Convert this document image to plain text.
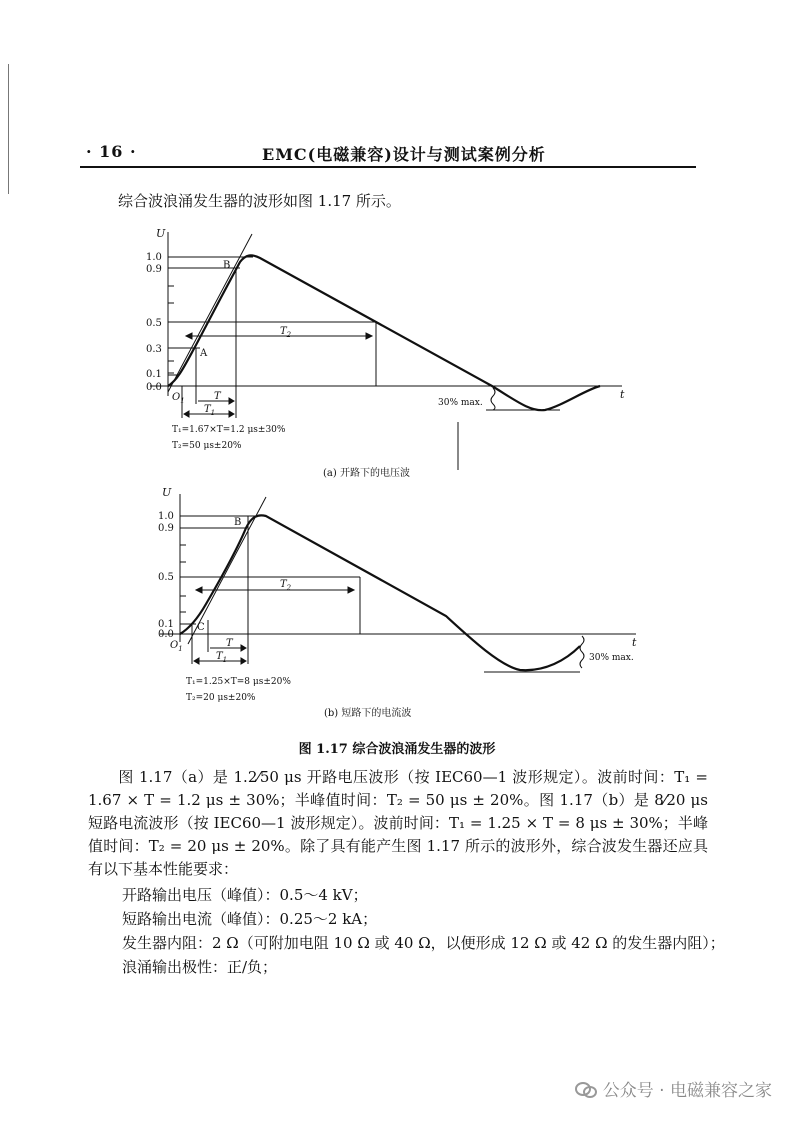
· 16 ·	EMC(电磁兼容)设计与测试案例分析
综合波浪涌发生器的波形如图 1.17 所示。
U
t
1.0
0.9
0.5
0.3
0.1
0.0
A
B
$O_1$	T
$T_1$
$T_2$
30% max.
T₁=1.67×T=1.2 μs±30%
T₂=50 μs±20%
(a) 开路下的电压波
U
t
1.0
0.9
0.5
0.1
0.0
B
C
$O_1$	T
$T_1$
$T_2$
30% max.
T₁=1.25×T=8 μs±20%
T₂=20 μs±20%
(b) 短路下的电流波
图 1.17 综合波浪涌发生器的波形
图 1.17（a）是 1.2⁄50 μs 开路电压波形（按 IEC60—1 波形规定）。波前时间：T₁ = 1.67 × T = 1.2 μs ± 30%；半峰值时间：T₂ = 50 μs ± 20%。图 1.17（b）是 8⁄20 μs 短路电流波形（按 IEC60—1 波形规定）。波前时间：T₁ = 1.25 × T = 8 μs ± 30%；半峰值时间：T₂ = 20 μs ± 20%。除了具有能产生图 1.17 所示的波形外，综合波发生器还应具有以下基本性能要求：
开路输出电压（峰值）：0.5～4 kV；
短路输出电流（峰值）：0.25～2 kA；
发生器内阻：2 Ω（可附加电阻 10 Ω 或 40 Ω，以便形成 12 Ω 或 42 Ω 的发生器内阻）；
浪涌输出极性：正/负；
公众号 · 电磁兼容之家
